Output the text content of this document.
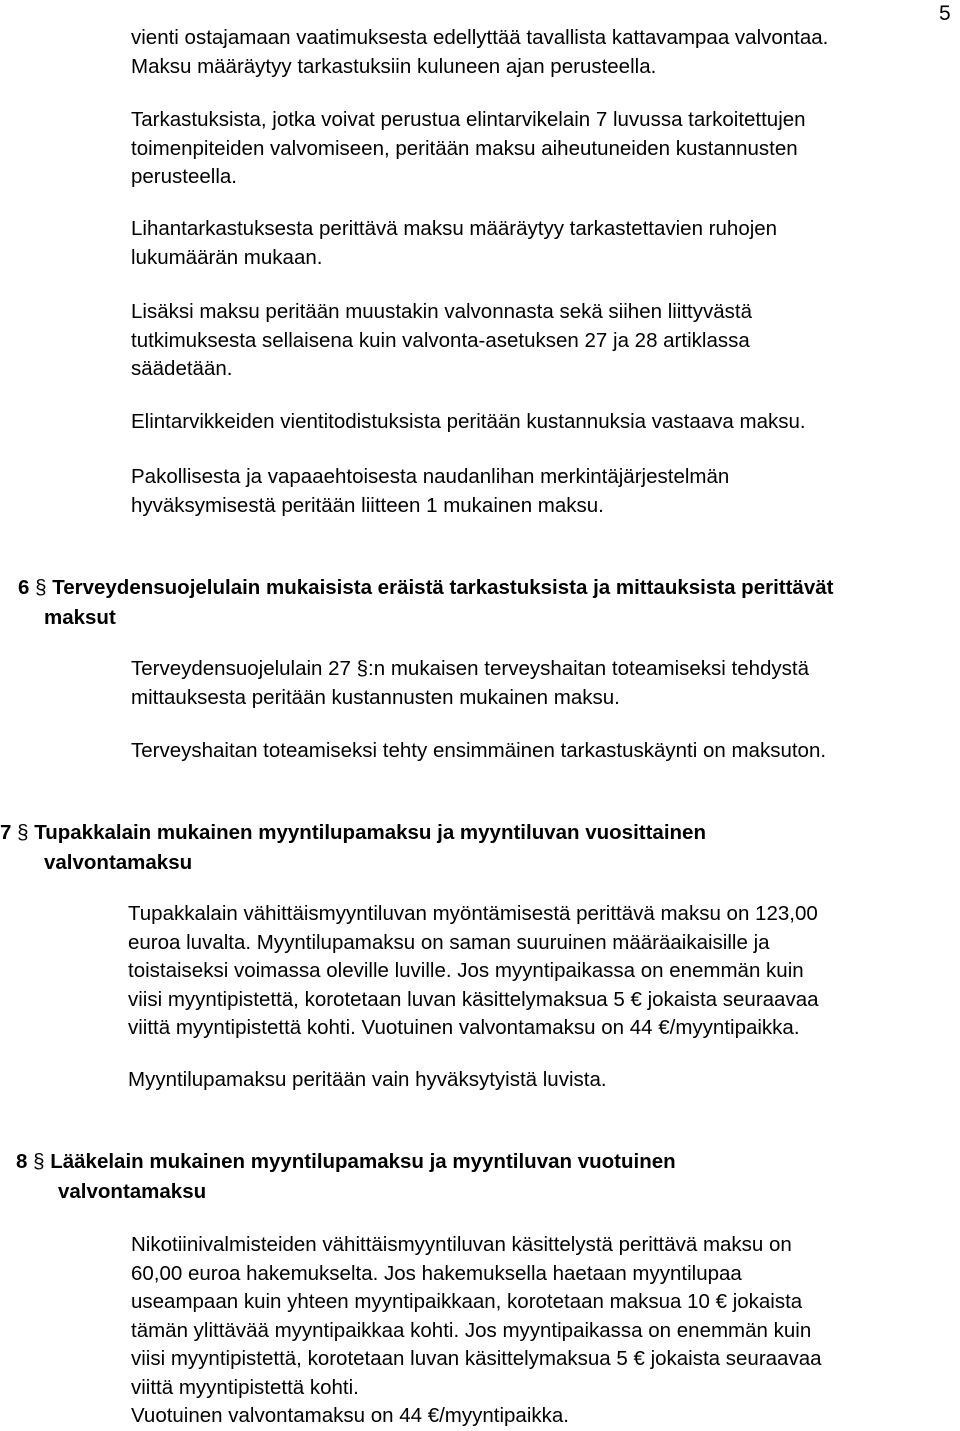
5

vienti ostajamaan vaatimuksesta edellyttää tavallista kattavampaa valvontaa.
Maksu määräytyy tarkastuksiin kuluneen ajan perusteella.

Tarkastuksista, jotka voivat perustua elintarvikelain 7 luvussa tarkoitettujen
toimenpiteiden valvomiseen, peritään maksu aiheutuneiden kustannusten
perusteella.

Lihantarkastuksesta perittävä maksu määräytyy tarkastettavien ruhojen
lukumäärän mukaan.

Lisäksi maksu peritään muustakin valvonnasta sekä siihen liittyvästä
tutkimuksesta sellaisena kuin valvonta-asetuksen 27 ja 28 artiklassa
säädetään.

Elintarvikkeiden vientitodistuksista peritään kustannuksia vastaava maksu.

Pakollisesta ja vapaaehtoisesta naudanlihan merkintäjärjestelmän
hyväksymisestä peritään liitteen 1 mukainen maksu.

6 § Terveydensuojelulain mukaisista eräistä tarkastuksista ja mittauksista perittävät
maksut

Terveydensuojelulain 27 §:n mukaisen terveyshaitan toteamiseksi tehdystä
mittauksesta peritään kustannusten mukainen maksu.

Terveyshaitan toteamiseksi tehty ensimmäinen tarkastuskäynti on maksuton.

7 § Tupakkalain mukainen myyntilupamaksu ja myyntiluvan vuosittainen
valvontamaksu

Tupakkalain vähittäismyyntiluvan myöntämisestä perittävä maksu on 123,00
euroa luvalta. Myyntilupamaksu on saman suuruinen määräaikaisille ja
toistaiseksi voimassa oleville luville. Jos myyntipaikassa on enemmän kuin
viisi myyntipistettä, korotetaan luvan käsittelymaksua 5 € jokaista seuraavaa
viittä myyntipistettä kohti. Vuotuinen valvontamaksu on 44 €/myyntipaikka.

Myyntilupamaksu peritään vain hyväksytyistä luvista.

8 § Lääkelain mukainen myyntilupamaksu ja myyntiluvan vuotuinen
valvontamaksu

Nikotiinivalmisteiden vähittäismyyntiluvan käsittelystä perittävä maksu on
60,00 euroa hakemukselta. Jos hakemuksella haetaan myyntilupaa
useampaan kuin yhteen myyntipaikkaan, korotetaan maksua 10 € jokaista
tämän ylittävää myyntipaikkaa kohti. Jos myyntipaikassa on enemmän kuin
viisi myyntipistettä, korotetaan luvan käsittelymaksua 5 € jokaista seuraavaa
viittä myyntipistettä kohti.
Vuotuinen valvontamaksu on 44 €/myyntipaikka.
